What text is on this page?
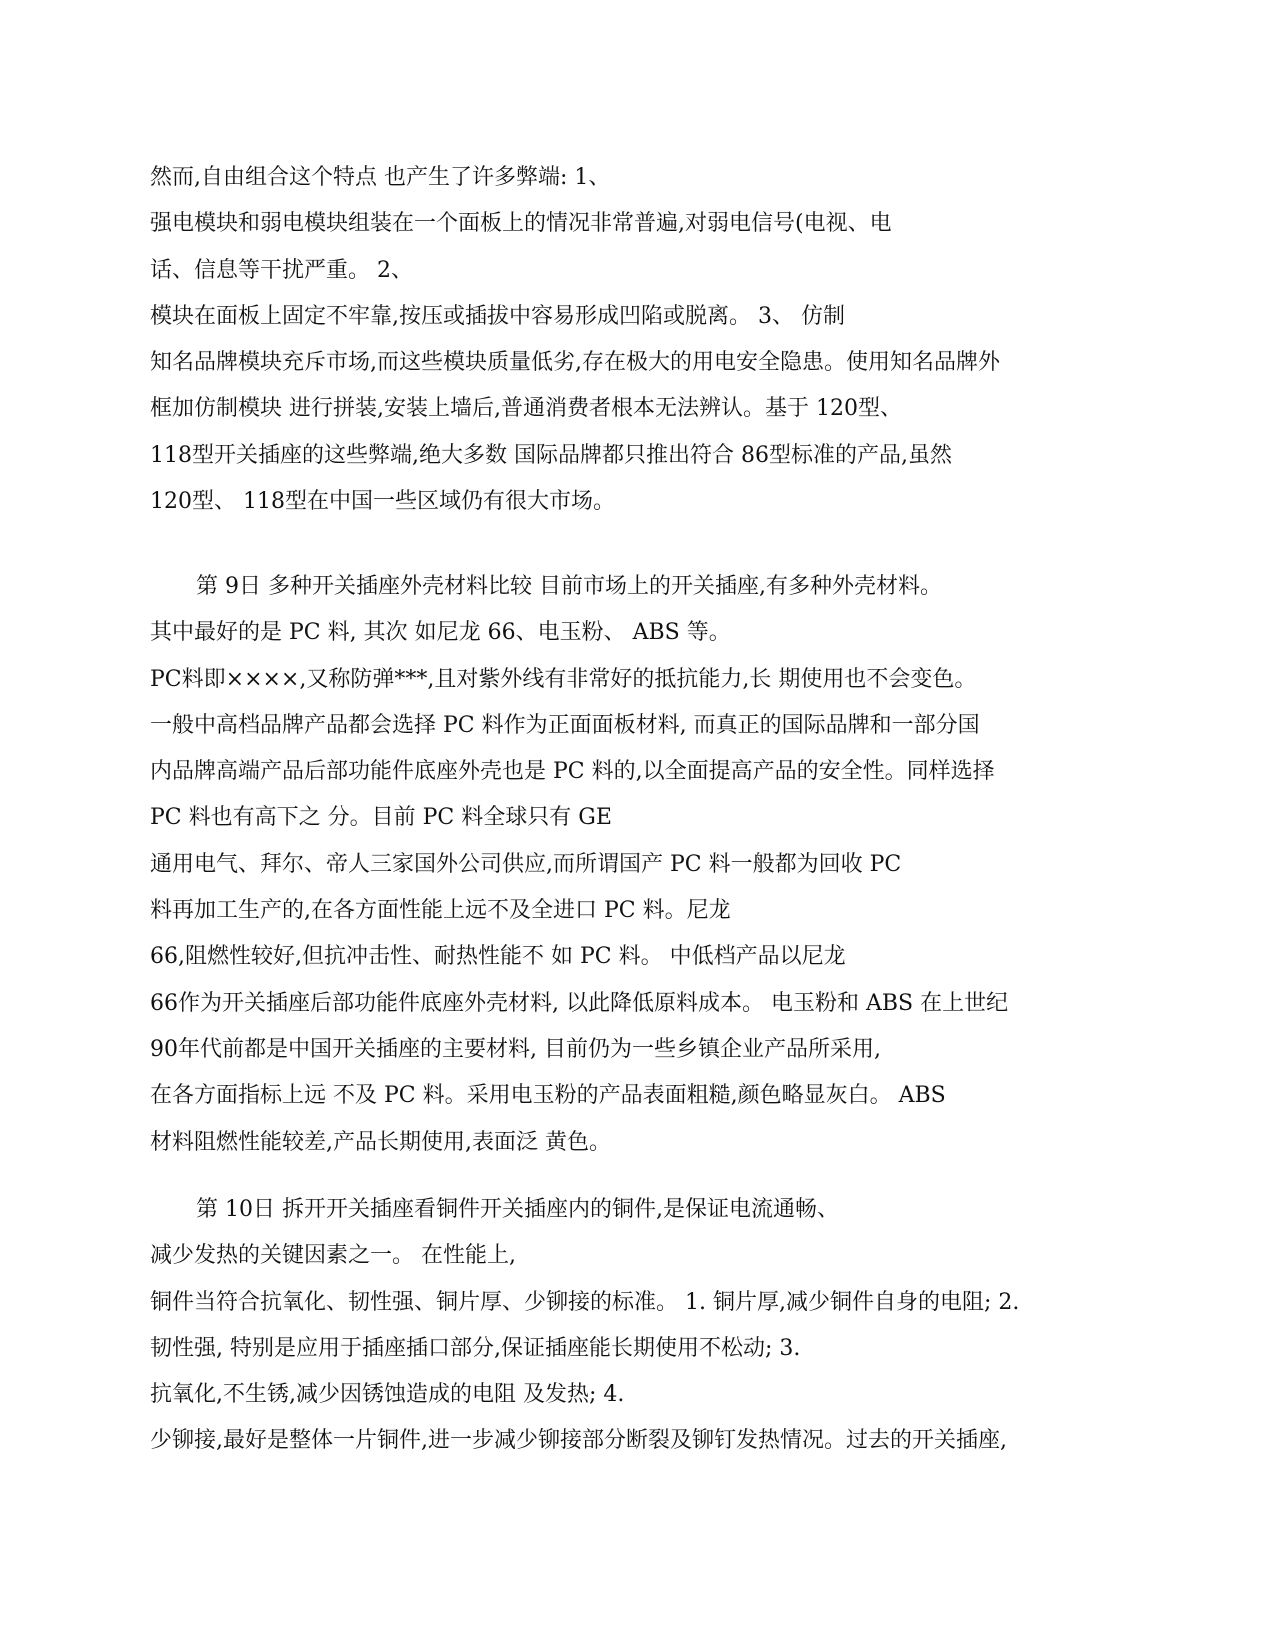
然而,自由组合这个特点 也产生了许多弊端: 1、
强电模块和弱电模块组装在一个面板上的情况非常普遍,对弱电信号(电视、电
话、信息等干扰严重。 2、
模块在面板上固定不牢靠,按压或插拔中容易形成凹陷或脱离。 3、 仿制
知名品牌模块充斥市场,而这些模块质量低劣,存在极大的用电安全隐患。使用知名品牌外
框加仿制模块 进行拼装,安装上墙后,普通消费者根本无法辨认。基于 120型、
118型开关插座的这些弊端,绝大多数 国际品牌都只推出符合 86型标准的产品,虽然
120型、 118型在中国一些区域仍有很大市场。
第 9日 多种开关插座外壳材料比较 目前市场上的开关插座,有多种外壳材料。
其中最好的是 PC 料, 其次 如尼龙 66、电玉粉、 ABS 等。
PC料即××××,又称防弹***,且对紫外线有非常好的抵抗能力,长 期使用也不会变色。
一般中高档品牌产品都会选择 PC 料作为正面面板材料, 而真正的国际品牌和一部分国
内品牌高端产品后部功能件底座外壳也是 PC 料的,以全面提高产品的安全性。同样选择
PC 料也有高下之 分。目前 PC 料全球只有 GE
通用电气、拜尔、帝人三家国外公司供应,而所谓国产 PC 料一般都为回收 PC
料再加工生产的,在各方面性能上远不及全进口 PC 料。尼龙
66,阻燃性较好,但抗冲击性、耐热性能不 如 PC 料。 中低档产品以尼龙
66作为开关插座后部功能件底座外壳材料, 以此降低原料成本。 电玉粉和 ABS 在上世纪
90年代前都是中国开关插座的主要材料, 目前仍为一些乡镇企业产品所采用,
在各方面指标上远 不及 PC 料。采用电玉粉的产品表面粗糙,颜色略显灰白。 ABS
材料阻燃性能较差,产品长期使用,表面泛 黄色。
第 10日 拆开开关插座看铜件开关插座内的铜件,是保证电流通畅、
减少发热的关键因素之一。 在性能上,
铜件当符合抗氧化、韧性强、铜片厚、少铆接的标准。 1. 铜片厚,减少铜件自身的电阻; 2.
韧性强, 特别是应用于插座插口部分,保证插座能长期使用不松动; 3.
抗氧化,不生锈,减少因锈蚀造成的电阻 及发热; 4.
少铆接,最好是整体一片铜件,进一步减少铆接部分断裂及铆钉发热情况。过去的开关插座,
